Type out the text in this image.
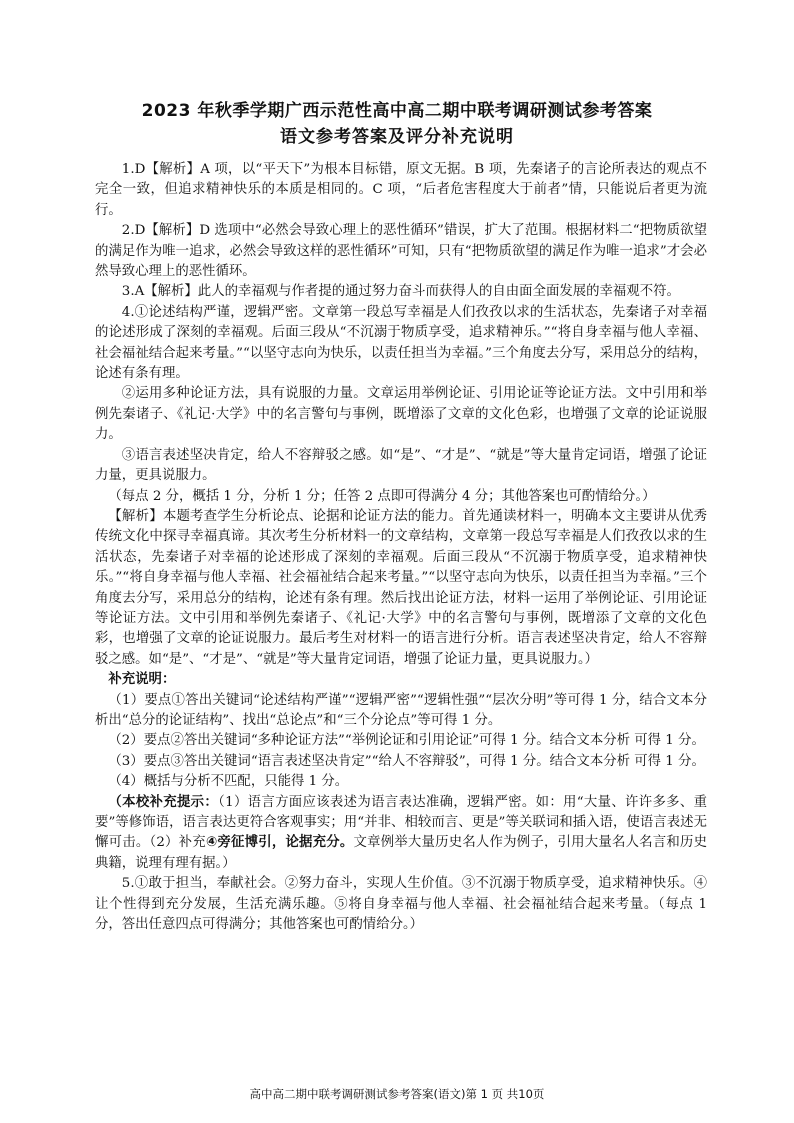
2023 年秋季学期广西示范性高中高二期中联考调研测试参考答案
语文参考答案及评分补充说明

1.D【解析】A 项，以“平天下”为根本目标错，原文无据。B 项，先秦诸子的言论所表达的观点不完全一致，但追求精神快乐的本质是相同的。C 项，“后者危害程度大于前者”情，只能说后者更为流行。

2.D【解析】D 选项中“必然会导致心理上的恶性循环”错误，扩大了范围。根据材料二“把物质欲望的满足作为唯一追求，必然会导致这样的恶性循环”可知，只有“把物质欲望的满足作为唯一追求”才会必然导致心理上的恶性循环。

3.A【解析】此人的幸福观与作者提的通过努力奋斗而获得人的自由面全面发展的幸福观不符。

4.①论述结构严谨，逻辑严密。文章第一段总写幸福是人们孜孜以求的生活状态，先秦诸子对幸福的论述形成了深刻的幸福观。后面三段从“不沉溺于物质享受，追求精神乐。”“将自身幸福与他人幸福、社会福祉结合起来考量。”“以坚守志向为快乐，以责任担当为幸福。”三个角度去分写，采用总分的结构，论述有条有理。

②运用多种论证方法，具有说服的力量。文章运用举例论证、引用论证等论证方法。文中引用和举例先秦诸子、《礼记·大学》中的名言警句与事例，既增添了文章的文化色彩，也增强了文章的论证说服力。

③语言表述坚决肯定，给人不容辩驳之感。如“是”、“才是”、“就是”等大量肯定词语，增强了论证力量，更具说服力。

（每点 2 分，概括 1 分，分析 1 分；任答 2 点即可得满分 4 分；其他答案也可酌情给分。）

【解析】本题考查学生分析论点、论据和论证方法的能力。首先通读材料一，明确本文主要讲从优秀传统文化中探寻幸福真谛。其次考生分析材料一的文章结构，文章第一段总写幸福是人们孜孜以求的生活状态，先秦诸子对幸福的论述形成了深刻的幸福观。后面三段从“不沉溺于物质享受，追求精神快乐。”“将自身幸福与他人幸福、社会福祉结合起来考量。”“以坚守志向为快乐，以责任担当为幸福。”三个角度去分写，采用总分的结构，论述有条有理。然后找出论证方法，材料一运用了举例论证、引用论证等论证方法。文中引用和举例先秦诸子、《礼记·大学》中的名言警句与事例，既增添了文章的文化色彩，也增强了文章的论证说服力。最后考生对材料一的语言进行分析。语言表述坚决肯定，给人不容辩驳之感。如“是”、“才是”、“就是”等大量肯定词语，增强了论证力量，更具说服力。）

补充说明：

（1）要点①答出关键词“论述结构严谨”“逻辑严密”“逻辑性强”“层次分明”等可得 1 分，结合文本分析出“总分的论证结构”、找出“总论点”和“三个分论点”等可得 1 分。

（2）要点②答出关键词“多种论证方法”“举例论证和引用论证”可得 1 分。结合文本分析 可得 1 分。

（3）要点③答出关键词“语言表述坚决肯定”“给人不容辩驳”，可得 1 分。结合文本分析 可得 1 分。

（4）概括与分析不匹配，只能得 1 分。

（本校补充提示：（1）语言方面应该表述为语言表达准确，逻辑严密。如：用“大量、许许多多、重要”等修饰语，语言表达更符合客观事实；用“并非、相较而言、更是”等关联词和插入语，使语言表述无懈可击。（2）补充④旁征博引，论据充分。文章例举大量历史名人作为例子，引用大量名人名言和历史典籍，说理有理有据。）

5.①敢于担当，奉献社会。②努力奋斗，实现人生价值。③不沉溺于物质享受，追求精神快乐。④让个性得到充分发展，生活充满乐趣。⑤将自身幸福与他人幸福、社会福祉结合起来考量。（每点 1 分，答出任意四点可得满分；其他答案也可酌情给分。）

高中高二期中联考调研测试参考答案(语文)第 1 页 共10页
